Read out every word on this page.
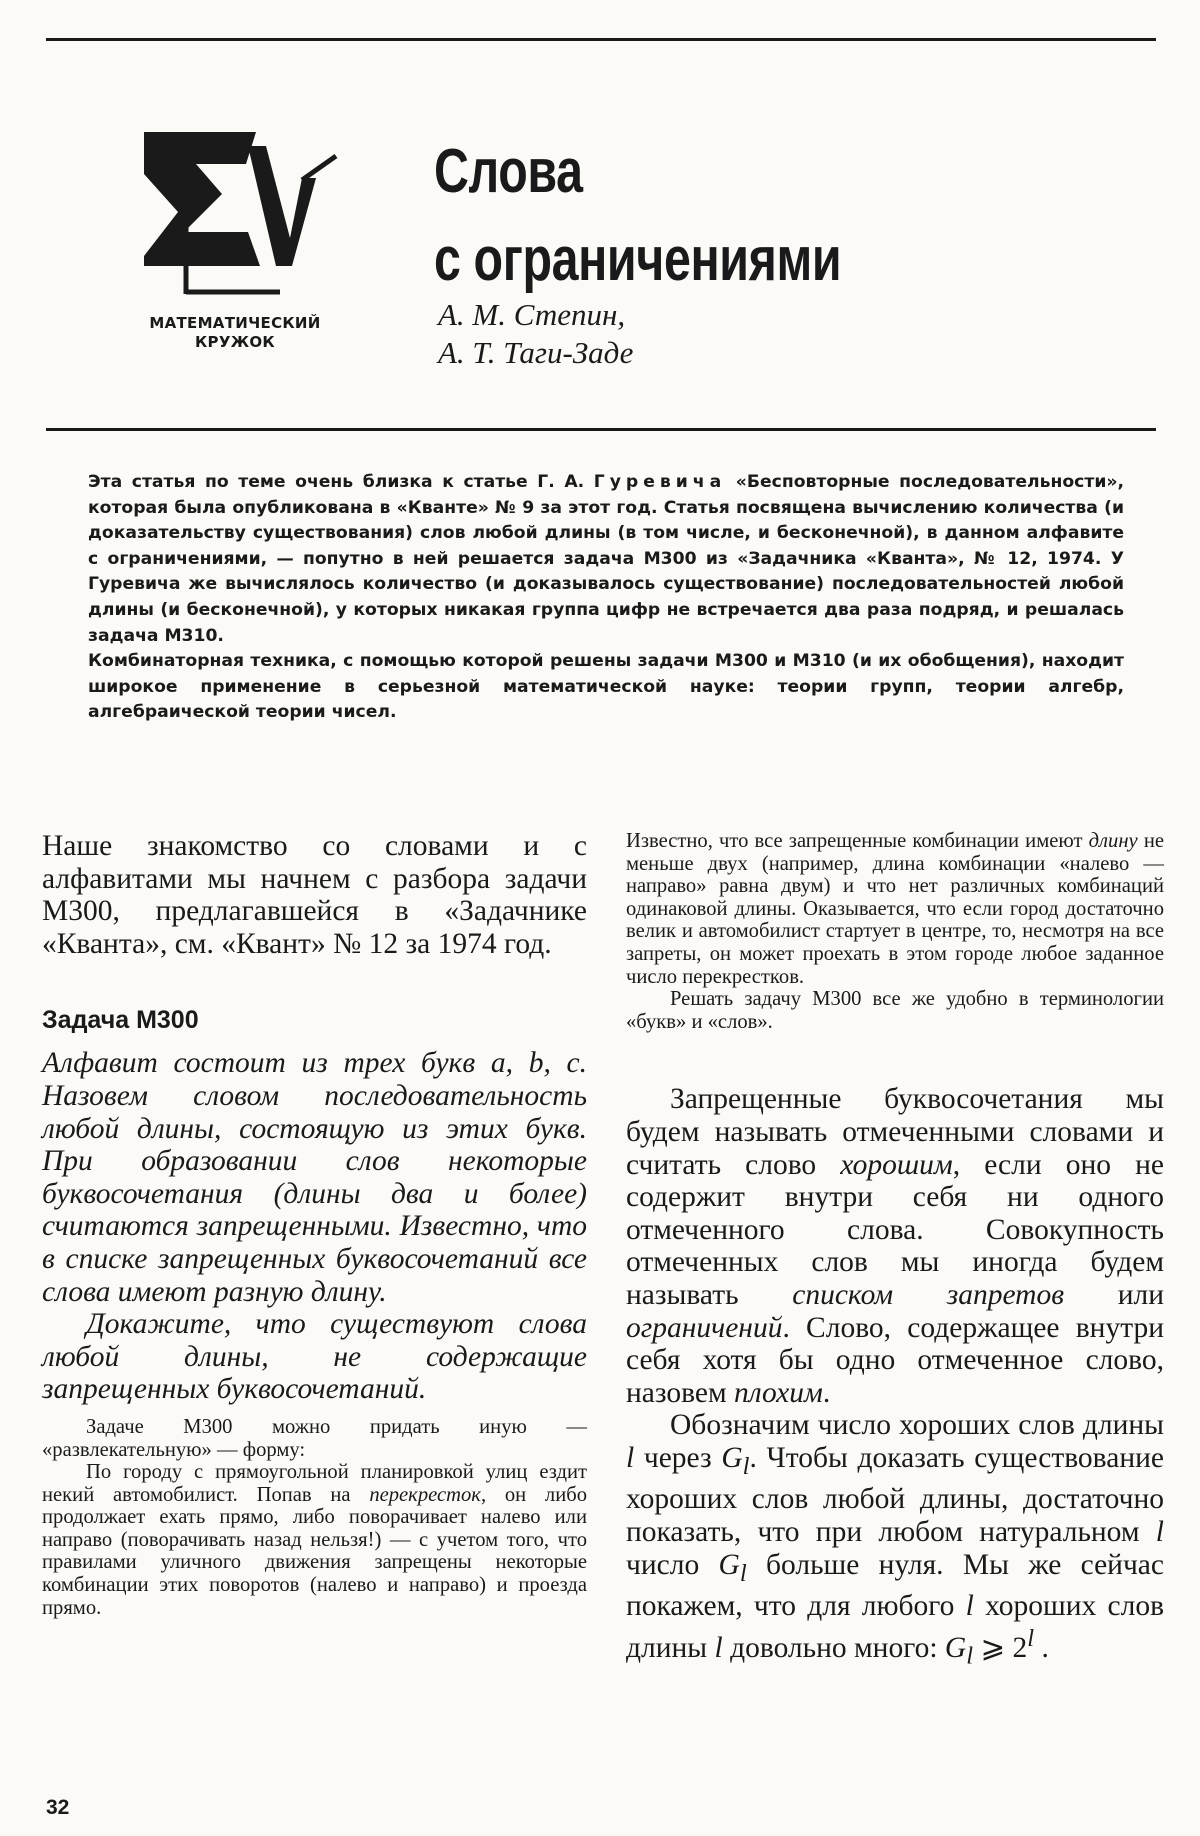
МАТЕМАТИЧЕСКИЙ
КРУЖОК
Слова
с ограничениями
А. М. Степин,
А. Т. Таги-Заде

Эта статья по теме очень близка к статье Г. А. Гуревича «Бесповторные последовательности», которая была опубликована в «Кванте» № 9 за этот год. Статья посвящена вычислению количества (и доказательству существования) слов любой длины (в том числе, и бесконечной), в данном алфавите с ограничениями, — попутно в ней решается задача М300 из «Задачника «Кванта», № 12, 1974. У Гуревича же вычислялось количество (и доказывалось существование) последовательностей любой длины (и бесконечной), у которых никакая группа цифр не встречается два раза подряд, и решалась задача М310.

Комбинаторная техника, с помощью которой решены задачи М300 и М310 (и их обобщения), находит широкое применение в серьезной математической науке: теории групп, теории алгебр, алгебраической теории чисел.

Наше знакомство со словами и с алфавитами мы начнем с разбора задачи М300, предлагавшейся в «Задачнике «Кванта», см. «Квант» № 12 за 1974 год.

Задача М300

Алфавит состоит из трех букв a, b, c. Назовем словом последовательность любой длины, состоящую из этих букв. При образовании слов некоторые буквосочетания (длины два и более) считаются запрещенными. Известно, что в списке запрещенных буквосочетаний все слова имеют разную длину.

Докажите, что существуют слова любой длины, не содержащие запрещенных буквосочетаний.

Задаче М300 можно придать иную — «развлекательную» — форму:

По городу с прямоугольной планировкой улиц ездит некий автомобилист. Попав на перекресток, он либо продолжает ехать прямо, либо поворачивает налево или направо (поворачивать назад нельзя!) — с учетом того, что правилами уличного движения запрещены некоторые комбинации этих поворотов (налево и направо) и проезда прямо.

Известно, что все запрещенные комбинации имеют длину не меньше двух (например, длина комбинации «налево — направо» равна двум) и что нет различных комбинаций одинаковой длины. Оказывается, что если город достаточно велик и автомобилист стартует в центре, то, несмотря на все запреты, он может проехать в этом городе любое заданное число перекрестков.

Решать задачу М300 все же удобно в терминологии «букв» и «слов».

Запрещенные буквосочетания мы будем называть отмеченными словами и считать слово хорошим, если оно не содержит внутри себя ни одного отмеченного слова. Совокупность отмеченных слов мы иногда будем называть списком запретов или ограничений. Слово, содержащее внутри себя хотя бы одно отмеченное слово, назовем плохим.

Обозначим число хороших слов длины l через $G_l$. Чтобы доказать существование хороших слов любой длины, достаточно показать, что при любом натуральном l число $G_l$ больше нуля. Мы же сейчас покажем, что для любого l хороших слов длины l довольно много: $G_l$ ⩾ 2$^l$ .

32
